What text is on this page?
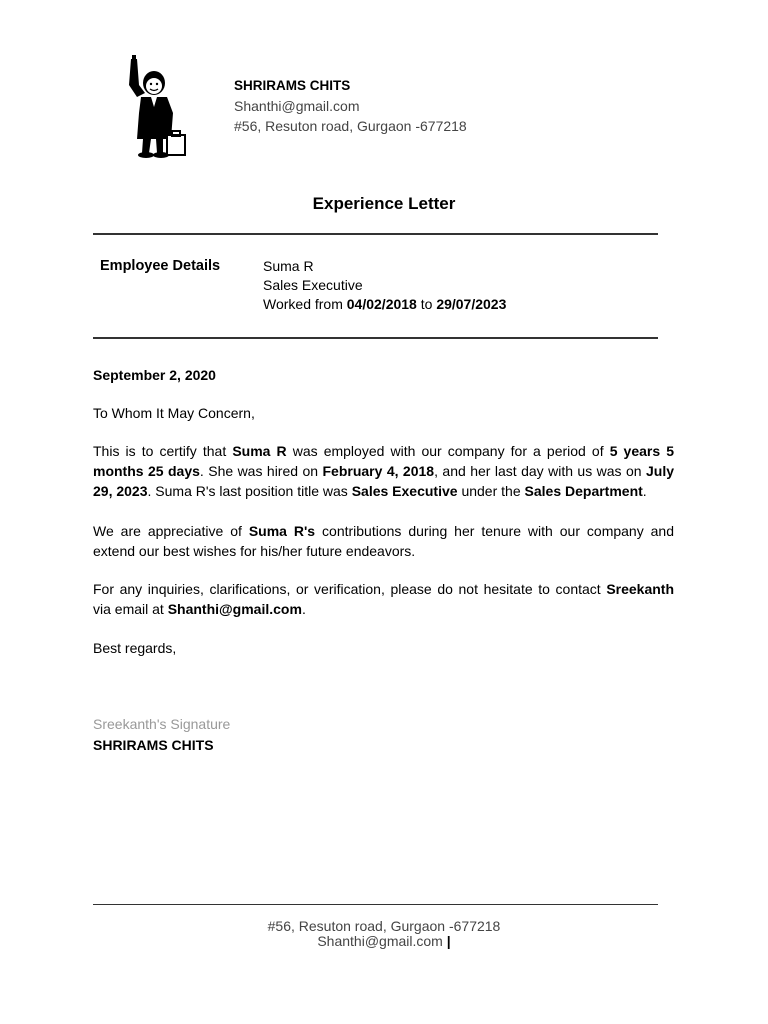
SHRIRAMS CHITS
Shanthi@gmail.com
#56, Resuton road, Gurgaon -677218
Experience Letter
Employee Details	Suma R
Sales Executive
Worked from 04/02/2018 to 29/07/2023
September 2, 2020
To Whom It May Concern,
This is to certify that Suma R was employed with our company for a period of 5 years 5 months 25 days. She was hired on February 4, 2018, and her last day with us was on July 29, 2023. Suma R's last position title was Sales Executive under the Sales Department.
We are appreciative of Suma R's contributions during her tenure with our company and extend our best wishes for his/her future endeavors.
For any inquiries, clarifications, or verification, please do not hesitate to contact Sreekanth via email at Shanthi@gmail.com.
Best regards,
Sreekanth's Signature
SHRIRAMS CHITS
#56, Resuton road, Gurgaon -677218
Shanthi@gmail.com |
